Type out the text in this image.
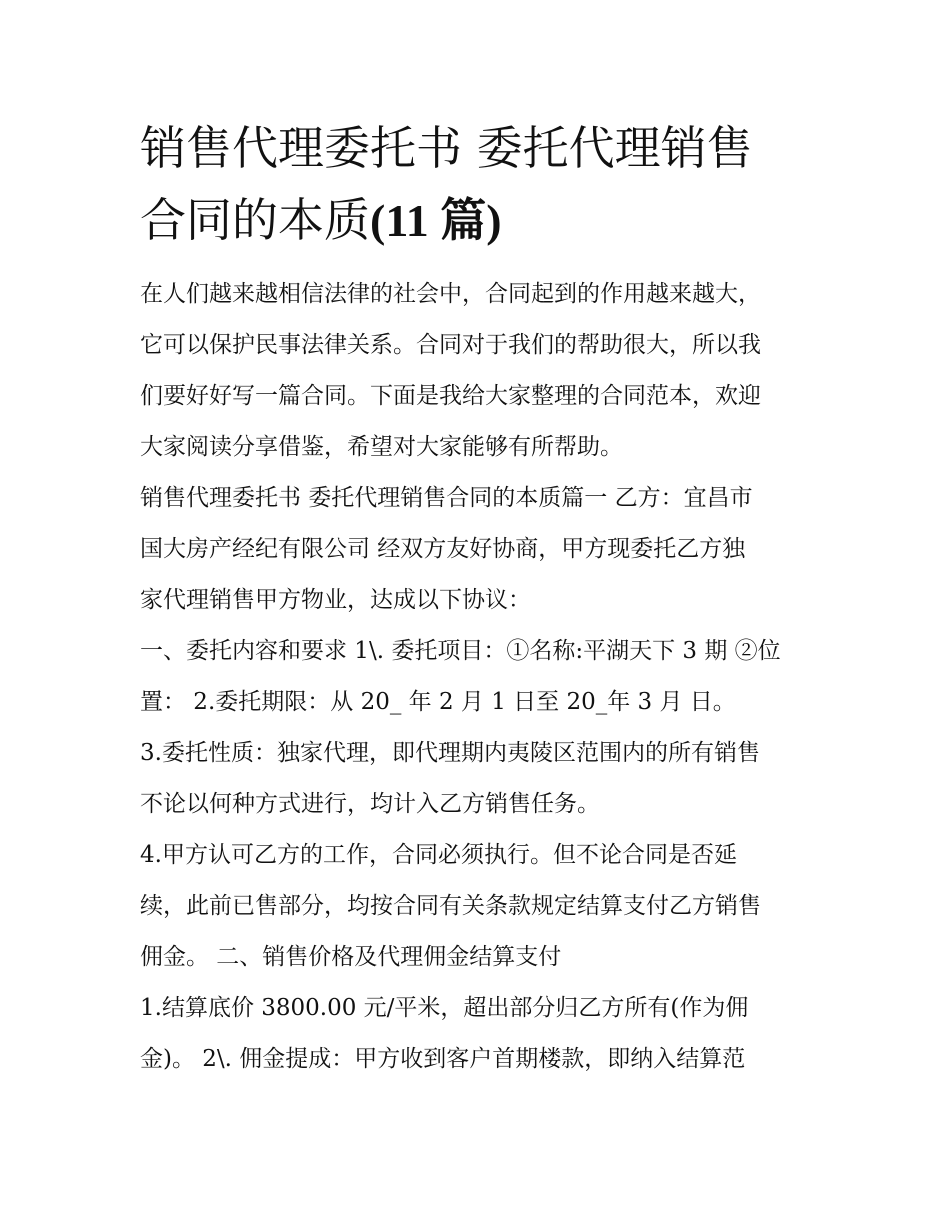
销售代理委托书 委托代理销售
合同的本质(11 篇)
在人们越来越相信法律的社会中，合同起到的作用越来越大，
它可以保护民事法律关系。合同对于我们的帮助很大，所以我
们要好好写一篇合同。下面是我给大家整理的合同范本，欢迎
大家阅读分享借鉴，希望对大家能够有所帮助。
销售代理委托书 委托代理销售合同的本质篇一 乙方：宜昌市
国大房产经纪有限公司 经双方友好协商，甲方现委托乙方独
家代理销售甲方物业，达成以下协议：
一、委托内容和要求 1\. 委托项目：①名称:平湖天下 3 期 ②位
置： 2.委托期限：从 20_ 年 2 月 1 日至 20_年 3 月 日。
3.委托性质：独家代理，即代理期内夷陵区范围内的所有销售
不论以何种方式进行，均计入乙方销售任务。
4.甲方认可乙方的工作，合同必须执行。但不论合同是否延
续，此前已售部分，均按合同有关条款规定结算支付乙方销售
佣金。 二、销售价格及代理佣金结算支付
1.结算底价 3800.00 元/平米，超出部分归乙方所有(作为佣
金)。 2\. 佣金提成：甲方收到客户首期楼款，即纳入结算范
